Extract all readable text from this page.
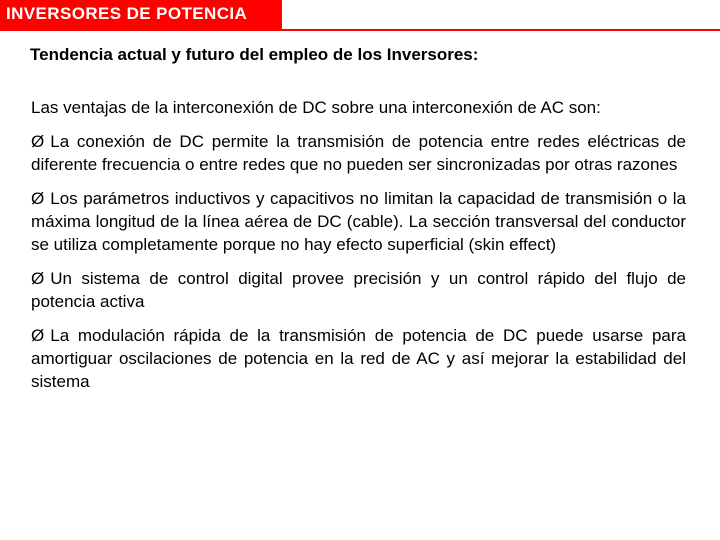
INVERSORES DE POTENCIA
Tendencia actual y futuro del empleo de los Inversores:

Las ventajas de la interconexión de DC sobre una interconexión de AC son:

Ø La conexión de DC permite la transmisión de potencia entre redes eléctricas de diferente frecuencia o entre redes que no pueden ser sincronizadas por otras razones

Ø Los parámetros inductivos y capacitivos no limitan la capacidad de transmisión o la máxima longitud de la línea aérea de DC (cable). La sección transversal del conductor se utiliza completamente porque no hay efecto superficial (skin effect)

Ø Un sistema de control digital provee precisión y un control rápido del flujo de potencia activa

Ø La modulación rápida de la transmisión de potencia de DC puede usarse para amortiguar oscilaciones de potencia en la red de AC y así mejorar la estabilidad del sistema
